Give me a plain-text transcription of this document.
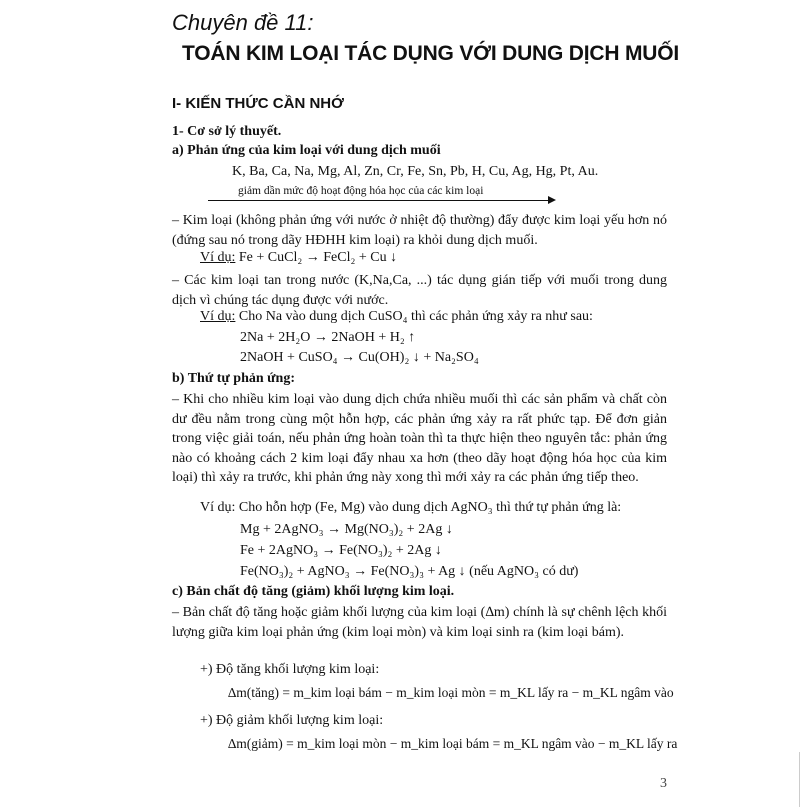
Chuyên đề 11:
TOÁN KIM LOẠI TÁC DỤNG VỚI DUNG DỊCH MUỐI
I- KIẾN THỨC CẦN NHỚ
1- Cơ sở lý thuyết.
a) Phản ứng của kim loại với dung dịch muối
K, Ba, Ca, Na, Mg, Al, Zn, Cr, Fe, Sn, Pb, H, Cu, Ag, Hg, Pt, Au.
giảm dần mức độ hoạt động hóa học của các kim loại
– Kim loại (không phản ứng với nước ở nhiệt độ thường) đẩy được kim loại yếu hơn nó (đứng sau nó trong dãy HĐHH kim loại) ra khỏi dung dịch muối.
Ví dụ: Fe + CuCl₂ → FeCl₂ + Cu ↓
– Các kim loại tan trong nước (K,Na,Ca, ...) tác dụng gián tiếp với muối trong dung dịch vì chúng tác dụng được với nước.
Ví dụ: Cho Na vào dung dịch CuSO₄ thì các phản ứng xảy ra như sau:
2Na + 2H₂O → 2NaOH + H₂ ↑
2NaOH + CuSO₄ → Cu(OH)₂ ↓ + Na₂SO₄
b) Thứ tự phản ứng:
– Khi cho nhiều kim loại vào dung dịch chứa nhiều muối thì các sản phẩm và chất còn dư đều nằm trong cùng một hỗn hợp, các phản ứng xảy ra rất phức tạp. Để đơn giản trong việc giải toán, nếu phản ứng hoàn toàn thì ta thực hiện theo nguyên tắc: phản ứng nào có khoảng cách 2 kim loại đẩy nhau xa hơn (theo dãy hoạt động hóa học của kim loại) thì xảy ra trước, khi phản ứng này xong thì mới xảy ra các phản ứng tiếp theo.
Ví dụ: Cho hỗn hợp (Fe, Mg) vào dung dịch AgNO₃ thì thứ tự phản ứng là:
Mg + 2AgNO₃ → Mg(NO₃)₂ + 2Ag ↓
Fe + 2AgNO₃ → Fe(NO₃)₂ + 2Ag ↓
Fe(NO₃)₂ + AgNO₃ → Fe(NO₃)₃ + Ag ↓ (nếu AgNO₃ có dư)
c) Bản chất độ tăng (giảm) khối lượng kim loại.
– Bản chất độ tăng hoặc giảm khối lượng của kim loại (∆m) chính là sự chênh lệch khối lượng giữa kim loại phản ứng (kim loại mòn) và kim loại sinh ra (kim loại bám).
+) Độ tăng khối lượng kim loại:
∆m(tăng) = m_kim loại bám − m_kim loại mòn = m_KL lấy ra − m_KL ngâm vào
+) Độ giảm khối lượng kim loại:
∆m(giảm) = m_kim loại mòn − m_kim loại bám = m_KL ngâm vào − m_KL lấy ra
3
